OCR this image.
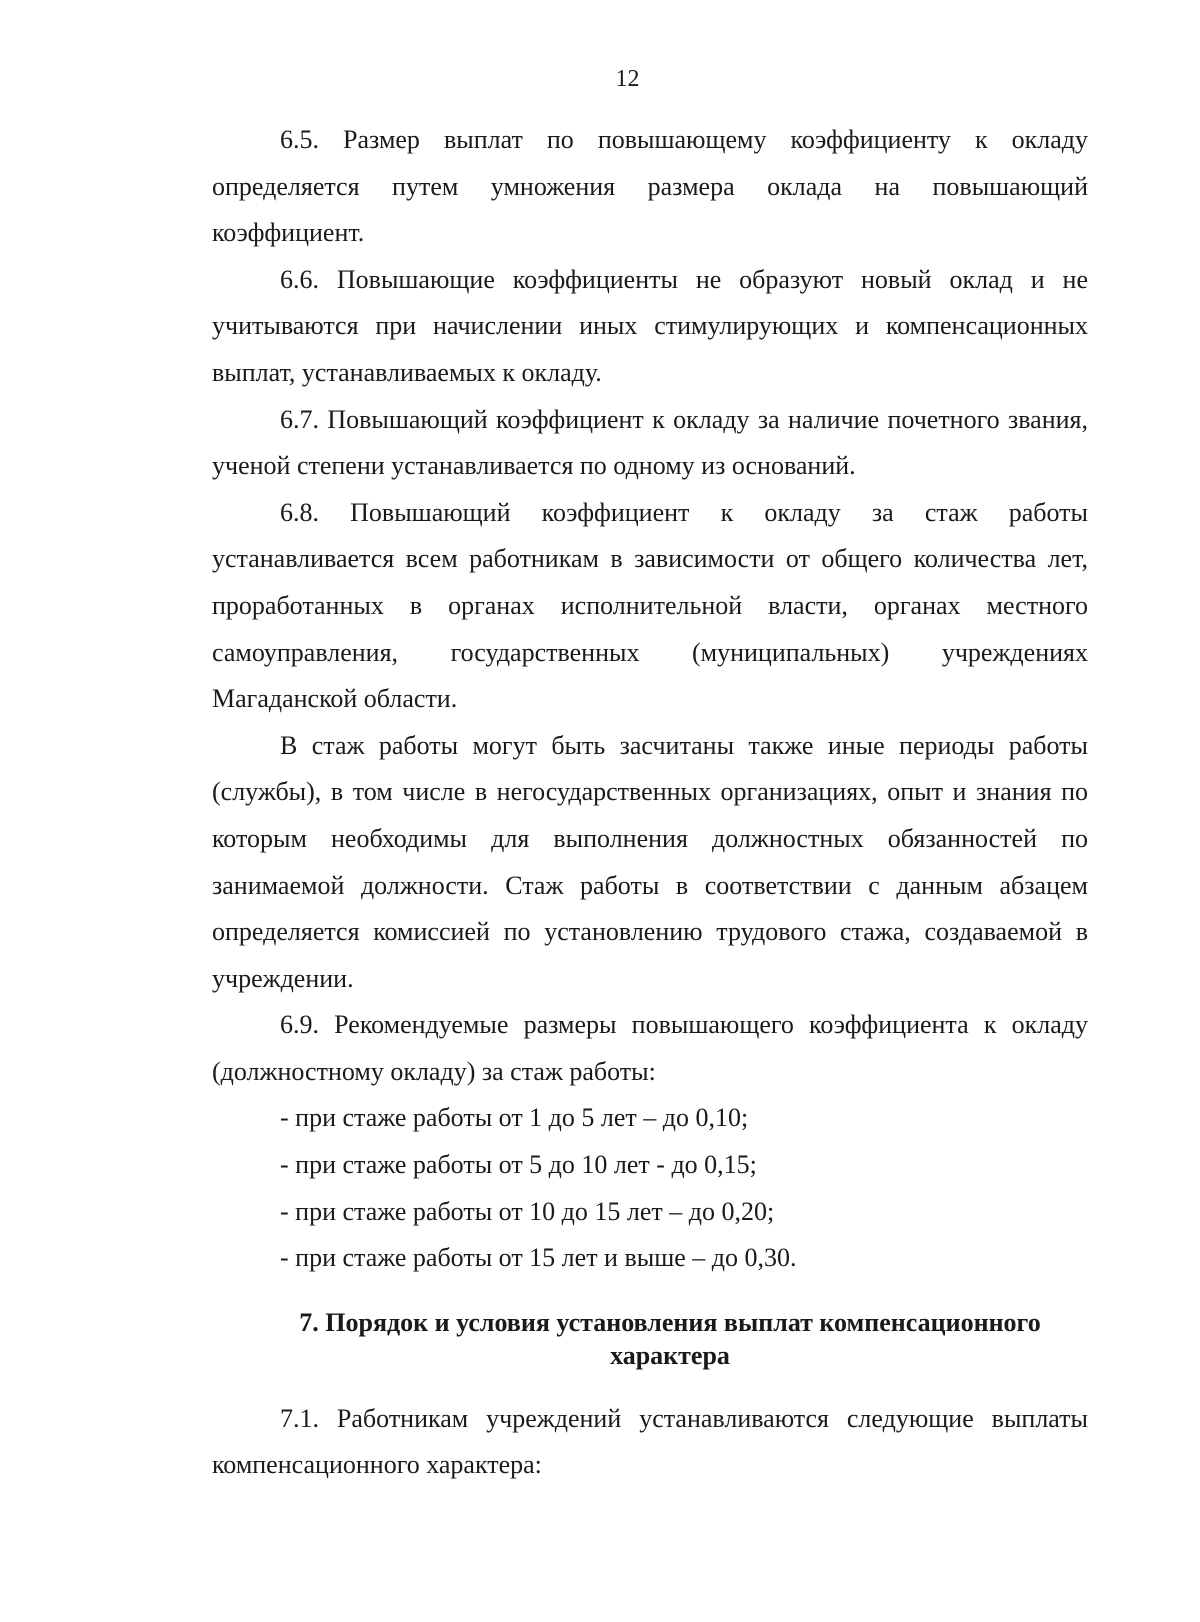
12

6.5. Размер выплат по повышающему коэффициенту к окладу определяется путем умножения размера оклада на повышающий коэффициент.

6.6. Повышающие коэффициенты не образуют новый оклад и не учитываются при начислении иных стимулирующих и компенсационных выплат, устанавливаемых к окладу.

6.7. Повышающий коэффициент к окладу за наличие почетного звания, ученой степени устанавливается по одному из оснований.

6.8. Повышающий коэффициент к окладу за стаж работы устанавливается всем работникам в зависимости от общего количества лет, проработанных в органах исполнительной власти, органах местного самоуправления, государственных (муниципальных) учреждениях Магаданской области.

В стаж работы могут быть засчитаны также иные периоды работы (службы), в том числе в негосударственных организациях, опыт и знания по которым необходимы для выполнения должностных обязанностей по занимаемой должности. Стаж работы в соответствии с данным абзацем определяется комиссией по установлению трудового стажа, создаваемой в учреждении.

6.9. Рекомендуемые размеры повышающего коэффициента к окладу (должностному окладу) за стаж работы:

- при стаже работы от 1 до 5 лет – до 0,10;

- при стаже работы от 5 до 10 лет - до 0,15;

- при стаже работы от 10 до 15 лет – до 0,20;

- при стаже работы от 15 лет и выше – до 0,30.

7. Порядок и условия установления выплат компенсационного
характера

7.1. Работникам учреждений устанавливаются следующие выплаты компенсационного характера:
